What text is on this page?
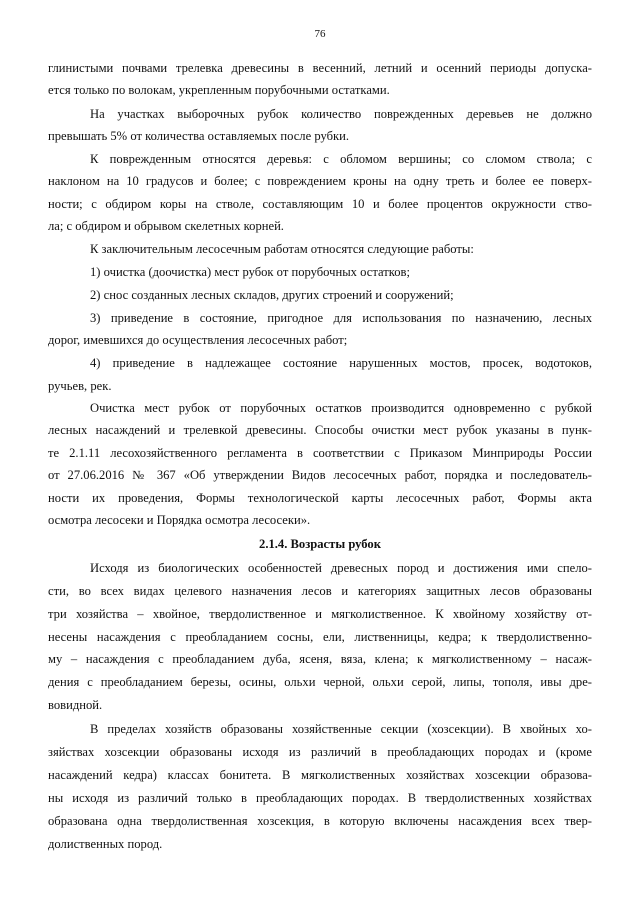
76
глинистыми почвами трелевка древесины в весенний, летний и осенний периоды допуска-
ется только по волокам, укрепленным порубочными остатками.
На участках выборочных рубок количество поврежденных деревьев не должно
превышать 5% от количества оставляемых после рубки.
К поврежденным относятся деревья: с обломом вершины; со сломом ствола; с
наклоном на 10 градусов и более; с повреждением кроны на одну треть и более ее поверх-
ности; с обдиром коры на стволе, составляющим 10 и более процентов окружности ство-
ла; с обдиром и обрывом скелетных корней.
К заключительным лесосечным работам относятся следующие работы:
1) очистка (доочистка) мест рубок от порубочных остатков;
2) снос созданных лесных складов, других строений и сооружений;
3) приведение в состояние, пригодное для использования по назначению, лесных
дорог, имевшихся до осуществления лесосечных работ;
4) приведение в надлежащее состояние нарушенных мостов, просек, водотоков,
ручьев, рек.
Очистка мест рубок от порубочных остатков производится одновременно с рубкой
лесных насаждений и трелевкой древесины. Способы очистки мест рубок указаны в пунк-
те 2.1.11 лесохозяйственного регламента в соответствии с Приказом Минприроды России
от 27.06.2016 № 367 «Об утверждении Видов лесосечных работ, порядка и последователь-
ности их проведения, Формы технологической карты лесосечных работ, Формы акта
осмотра лесосеки и Порядка осмотра лесосеки».
2.1.4. Возрасты рубок
Исходя из биологических особенностей древесных пород и достижения ими спело-
сти, во всех видах целевого назначения лесов и категориях защитных лесов образованы
три хозяйства – хвойное, твердолиственное и мягколиственное. К хвойному хозяйству от-
несены насаждения с преобладанием сосны, ели, лиственницы, кедра; к твердолиственно-
му – насаждения с преобладанием дуба, ясеня, вяза, клена; к мягколиственному – насаж-
дения с преобладанием березы, осины, ольхи черной, ольхи серой, липы, тополя, ивы дре-
вовидной.
В пределах хозяйств образованы хозяйственные секции (хозсекции). В хвойных хо-
зяйствах хозсекции образованы исходя из различий в преобладающих породах и (кроме
насаждений кедра) классах бонитета. В мягколиственных хозяйствах хозсекции образова-
ны исходя из различий только в преобладающих породах. В твердолиственных хозяйствах
образована одна твердолиственная хозсекция, в которую включены насаждения всех твер-
долиственных пород.
